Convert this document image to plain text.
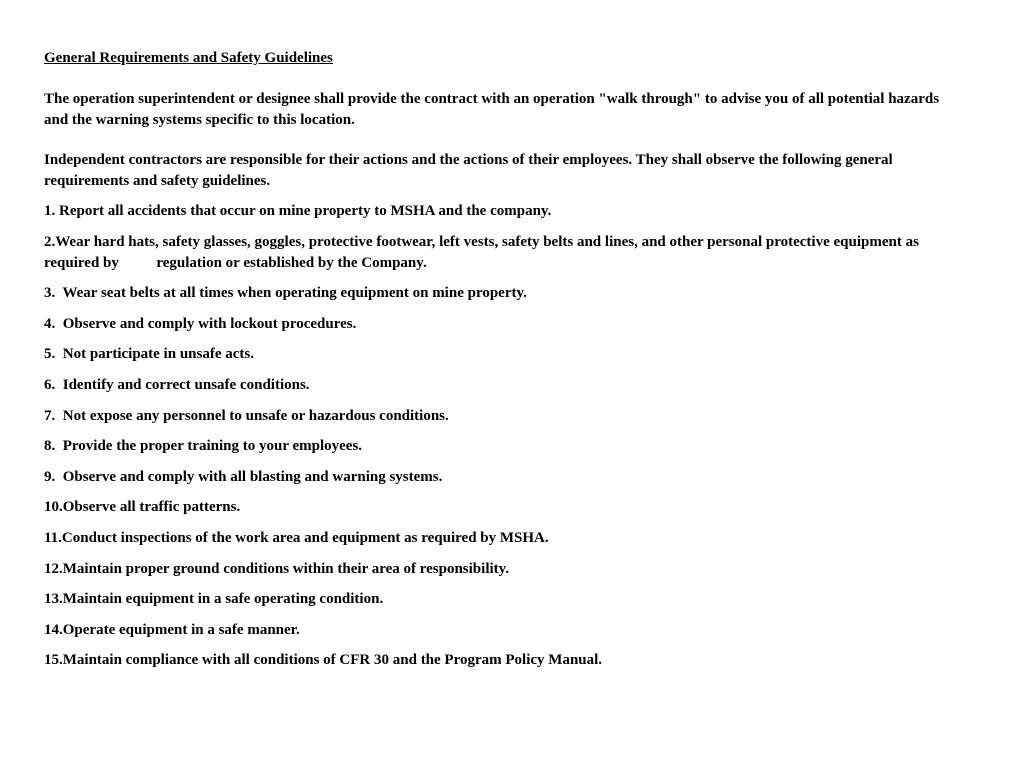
General Requirements and Safety Guidelines
The operation superintendent or designee shall provide the contract with an operation "walk through" to advise you of all potential hazards and the warning systems specific to this location.
Independent contractors are responsible for their actions and the actions of their employees. They shall observe the following general requirements and safety guidelines.
1. Report all accidents that occur on mine property to MSHA and the company.
2.Wear hard hats, safety glasses, goggles, protective footwear, left vests, safety belts and lines, and other personal protective equipment as required by          regulation or established by the Company.
3.  Wear seat belts at all times when operating equipment on mine property.
4.  Observe and comply with lockout procedures.
5.  Not participate in unsafe acts.
6.  Identify and correct unsafe conditions.
7.  Not expose any personnel to unsafe or hazardous conditions.
8.  Provide the proper training to your employees.
9.  Observe and comply with all blasting and warning systems.
10.Observe all traffic patterns.
11.Conduct inspections of the work area and equipment as required by MSHA.
12.Maintain proper ground conditions within their area of responsibility.
13.Maintain equipment in a safe operating condition.
14.Operate equipment in a safe manner.
15.Maintain compliance with all conditions of CFR 30 and the Program Policy Manual.
